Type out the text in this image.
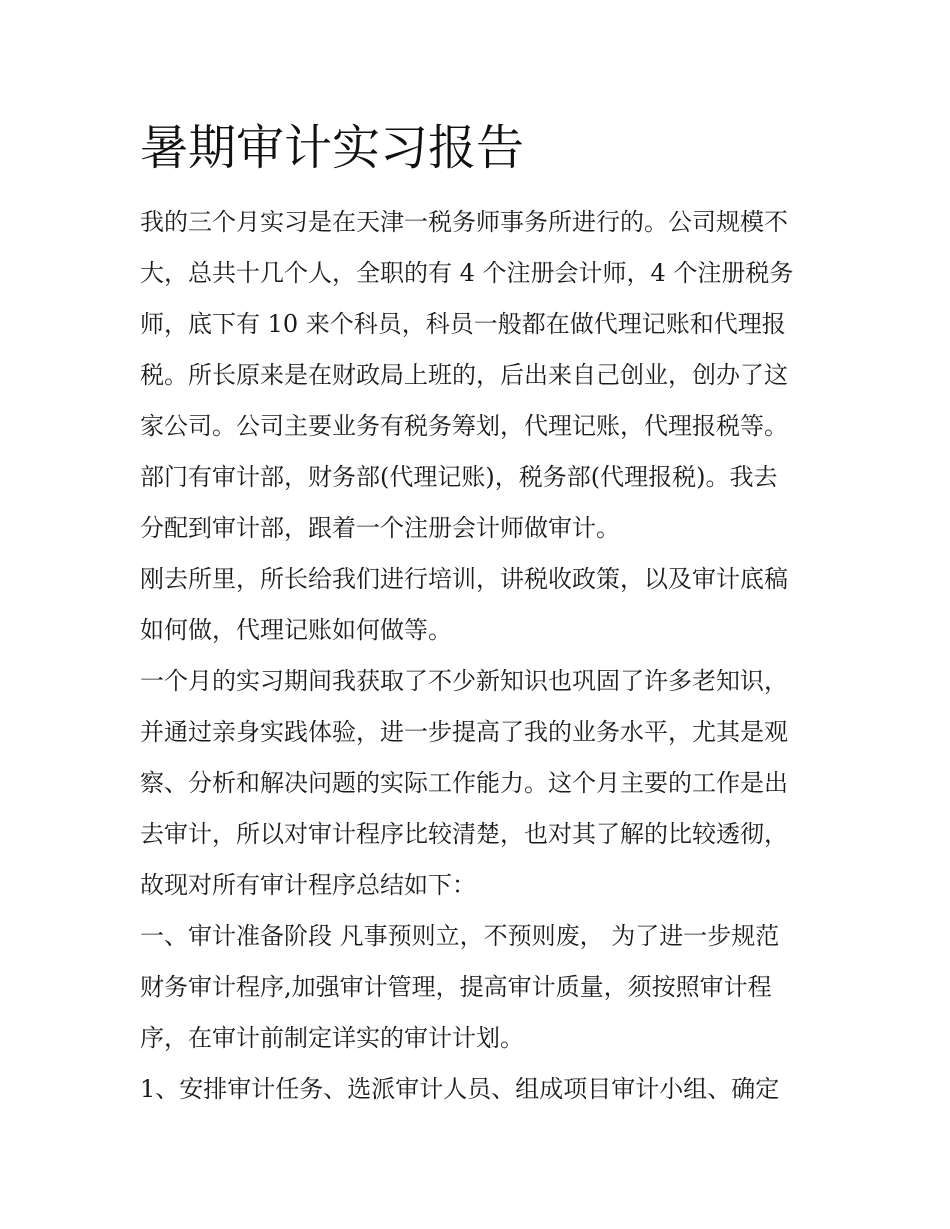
暑期审计实习报告

我的三个月实习是在天津一税务师事务所进行的。公司规模不
大，总共十几个人，全职的有 4 个注册会计师，4 个注册税务
师，底下有 10 来个科员，科员一般都在做代理记账和代理报
税。所长原来是在财政局上班的，后出来自己创业，创办了这
家公司。公司主要业务有税务筹划，代理记账，代理报税等。
部门有审计部，财务部(代理记账)，税务部(代理报税)。我去
分配到审计部，跟着一个注册会计师做审计。

刚去所里，所长给我们进行培训，讲税收政策，以及审计底稿
如何做，代理记账如何做等。

一个月的实习期间我获取了不少新知识也巩固了许多老知识，
并通过亲身实践体验，进一步提高了我的业务水平，尤其是观
察、分析和解决问题的实际工作能力。这个月主要的工作是出
去审计，所以对审计程序比较清楚，也对其了解的比较透彻，
故现对所有审计程序总结如下：

一、审计准备阶段 凡事预则立，不预则废， 为了进一步规范
财务审计程序,加强审计管理，提高审计质量，须按照审计程
序，在审计前制定详实的审计计划。

1、安排审计任务、选派审计人员、组成项目审计小组、确定
